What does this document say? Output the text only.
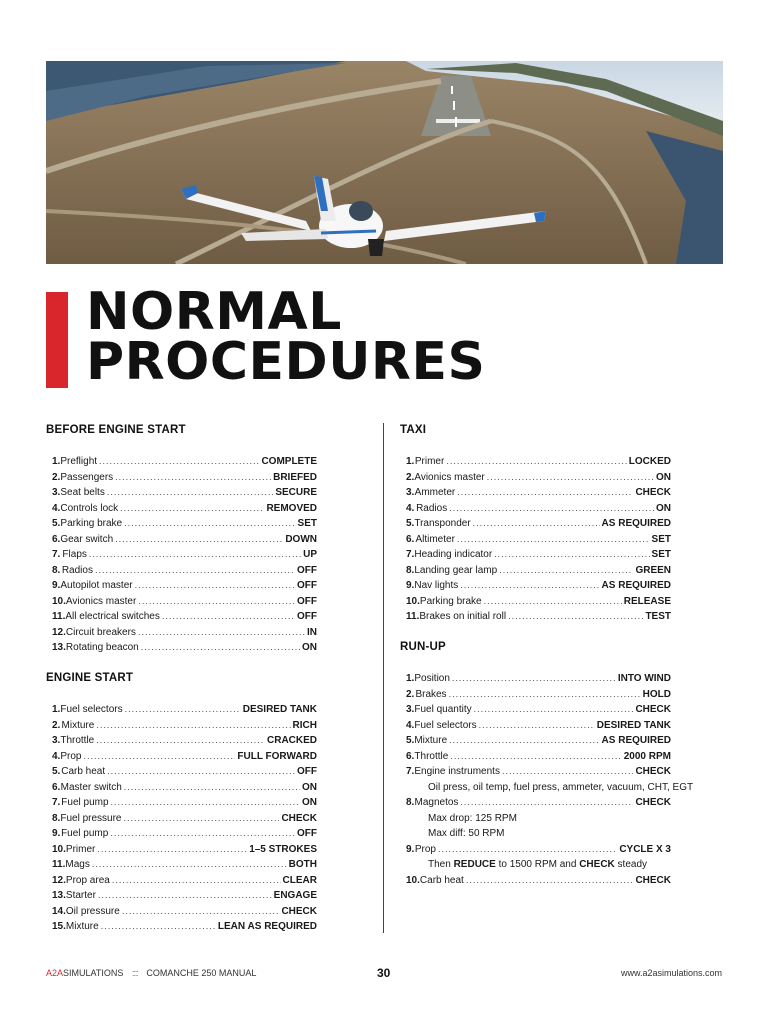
NORMAL
PROCEDURES
BEFORE ENGINE START
1. Preflight .....	COMPLETE
2. Passengers .....	BRIEFED
3. Seat belts .....	SECURE
4. Controls lock .....	REMOVED
5. Parking brake .....	SET
6. Gear switch .....	DOWN
7. Flaps .....	UP
8. Radios .....	OFF
9. Autopilot master .....	OFF
10. Avionics master .....	OFF
11. All electrical switches .....	OFF
12. Circuit breakers .....	IN
13. Rotating beacon .....	ON
ENGINE START
1. Fuel selectors .....	DESIRED TANK
2. Mixture .....	RICH
3. Throttle .....	CRACKED
4. Prop .....	FULL FORWARD
5. Carb heat .....	OFF
6. Master switch .....	ON
7. Fuel pump .....	ON
8. Fuel pressure .....	CHECK
9. Fuel pump .....	OFF
10. Primer .....	1–5 STROKES
11. Mags .....	BOTH
12. Prop area .....	CLEAR
13. Starter .....	ENGAGE
14. Oil pressure .....	CHECK
15. Mixture .....	LEAN AS REQUIRED
TAXI
1. Primer .....	LOCKED
2. Avionics master .....	ON
3. Ammeter .....	CHECK
4. Radios .....	ON
5. Transponder .....	AS REQUIRED
6. Altimeter .....	SET
7. Heading indicator .....	SET
8. Landing gear lamp .....	GREEN
9. Nav lights .....	AS REQUIRED
10. Parking brake .....	RELEASE
11. Brakes on initial roll .....	TEST
RUN-UP
1. Position .....	INTO WIND
2. Brakes .....	HOLD
3. Fuel quantity .....	CHECK
4. Fuel selectors .....	DESIRED TANK
5. Mixture .....	AS REQUIRED
6. Throttle .....	2000 RPM
7. Engine instruments .....	CHECK
Oil press, oil temp, fuel press, ammeter, vacuum, CHT, EGT
8. Magnetos .....	CHECK
Max drop: 125 RPM
Max diff: 50 RPM
9. Prop .....	CYCLE X 3
Then
REDUCE
to 1500 RPM and
CHECK
steady
10. Carb heat .....	CHECK
A2ASIMULATIONS :::: COMANCHE 250 MANUAL	30	www.a2asimulations.com
